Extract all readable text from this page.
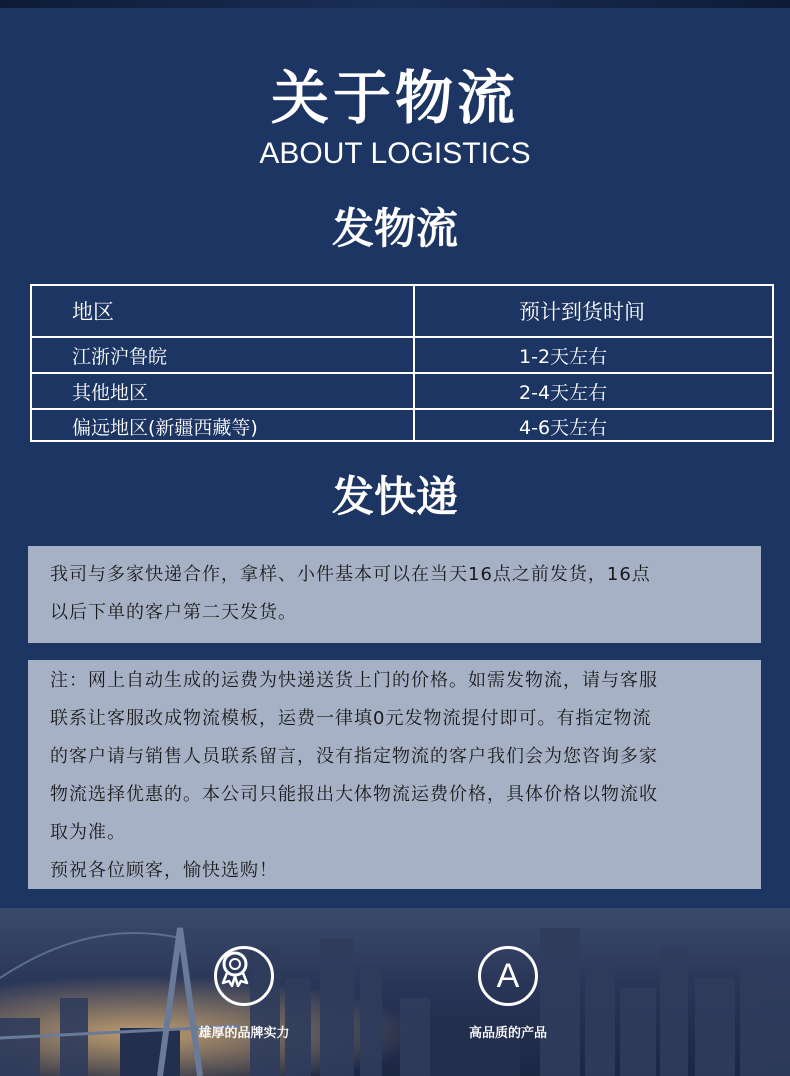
关于物流
ABOUT LOGISTICS
发物流
地区	预计到货时间
江浙沪鲁皖	1-2天左右
其他地区	2-4天左右
偏远地区(新疆西藏等)	4-6天左右
发快递

我司与多家快递合作，拿样、小件基本可以在当天16点之前发货，16点

以后下单的客户第二天发货。

注：网上自动生成的运费为快递送货上门的价格。如需发物流，请与客服

联系让客服改成物流模板，运费一律填0元发物流提付即可。有指定物流

的客户请与销售人员联系留言，没有指定物流的客户我们会为您咨询多家

物流选择优惠的。本公司只能报出大体物流运费价格，具体价格以物流收

取为准。

预祝各位顾客，愉快选购！

雄厚的品牌实力
A
高品质的产品
